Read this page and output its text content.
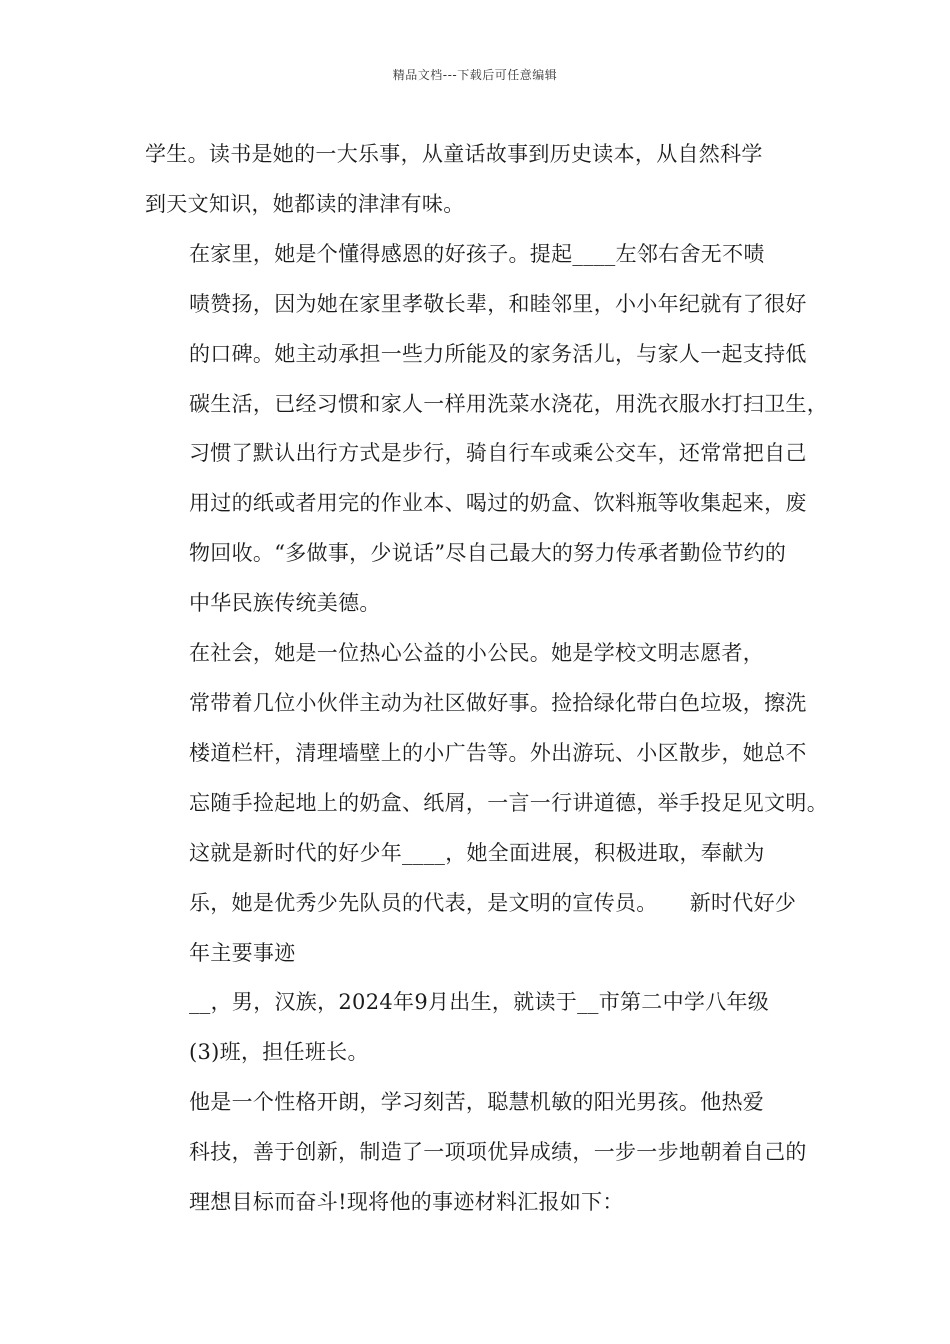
精品文档---下载后可任意编辑

学生。读书是她的一大乐事，从童话故事到历史读本，从自然科学
到天文知识，她都读的津津有味。

在家里，她是个懂得感恩的好孩子。提起____左邻右舍无不啧
啧赞扬，因为她在家里孝敬长辈，和睦邻里，小小年纪就有了很好
的口碑。她主动承担一些力所能及的家务活儿，与家人一起支持低
碳生活，已经习惯和家人一样用洗菜水浇花，用洗衣服水打扫卫生，
习惯了默认出行方式是步行，骑自行车或乘公交车，还常常把自己
用过的纸或者用完的作业本、喝过的奶盒、饮料瓶等收集起来，废
物回收。“多做事，少说话”尽自己最大的努力传承者勤俭节约的
中华民族传统美德。

在社会，她是一位热心公益的小公民。她是学校文明志愿者，
常带着几位小伙伴主动为社区做好事。捡拾绿化带白色垃圾，擦洗
楼道栏杆，清理墙壁上的小广告等。外出游玩、小区散步，她总不
忘随手捡起地上的奶盒、纸屑，一言一行讲道德，举手投足见文明。

这就是新时代的好少年____，她全面进展，积极进取，奉献为
乐，她是优秀少先队员的代表，是文明的宣传员。　　新时代好少
年主要事迹

__，男，汉族，2024年9月出生，就读于__市第二中学八年级
(3)班，担任班长。

他是一个性格开朗，学习刻苦，聪慧机敏的阳光男孩。他热爱
科技，善于创新，制造了一项项优异成绩，一步一步地朝着自己的
理想目标而奋斗!现将他的事迹材料汇报如下：
